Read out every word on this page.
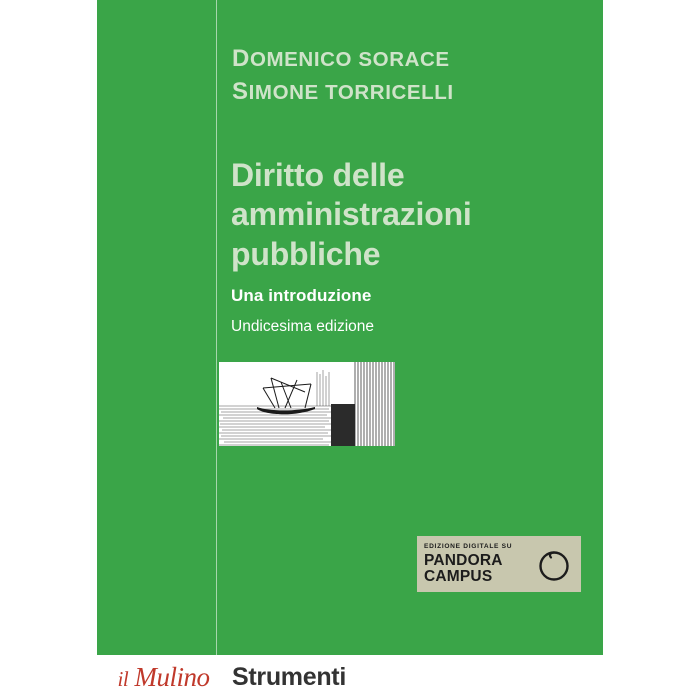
DOMENICO SORACE
SIMONE TORRICELLI
Diritto delle
amministrazioni
pubbliche
Una introduzione
Undicesima edizione
EDIZIONE DIGITALE SU
PANDORA
CAMPUS
il Mulino Strumenti
